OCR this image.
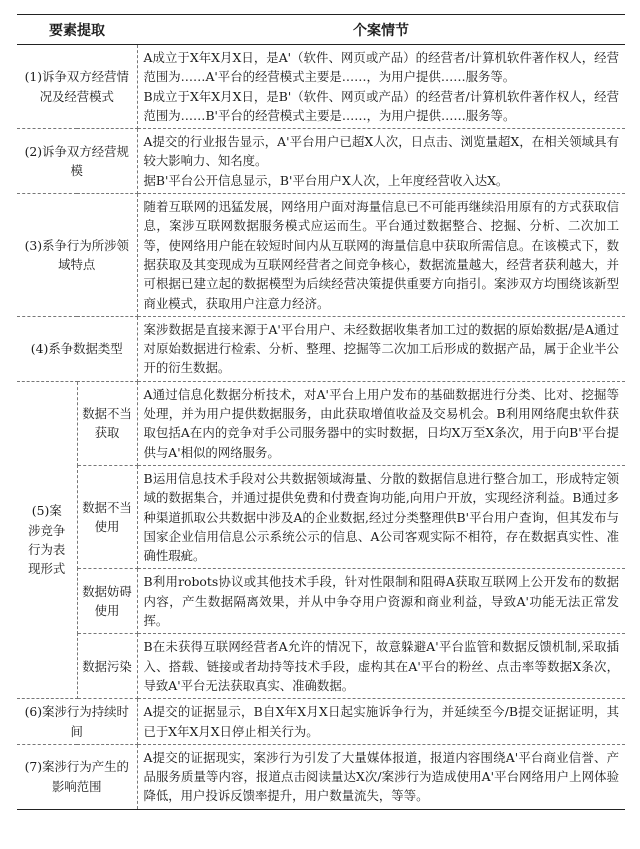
要素提取		个案情节
(1)诉争双方经营情况及经营模式		A成立于X年X月X日，是A'（软件、网页或产品）的经营者/计算机软件著作权人，经营范围为……A'平台的经营模式主要是……，为用户提供……服务等。

B成立于X年X月X日，是B'（软件、网页或产品）的经营者/计算机软件著作权人，经营范围为……B'平台的经营模式主要是……，为用户提供……服务等。

(2)诉争双方经营规模		A提交的行业报告显示，A'平台用户已超X人次，日点击、浏览量超X，在相关领域具有较大影响力、知名度。

据B'平台公开信息显示，B'平台用户X人次，上年度经营收入达X。

(3)系争行为所涉领域特点		随着互联网的迅猛发展，网络用户面对海量信息已不可能再继续沿用原有的方式获取信息，案涉互联网数据服务模式应运而生。平台通过数据整合、挖掘、分析、二次加工等，使网络用户能在较短时间内从互联网的海量信息中获取所需信息。在该模式下，数据获取及其变现成为互联网经营者之间竞争核心，数据流量越大，经营者获利越大，并可根据已建立起的数据模型为后续经营决策提供重要方向指引。案涉双方均围绕该新型商业模式，获取用户注意力经济。

(4)系争数据类型		案涉数据是直接来源于A'平台用户、未经数据收集者加工过的数据的原始数据/是A通过对原始数据进行检索、分析、整理、挖掘等二次加工后形成的数据产品，属于企业半公开的衍生数据。

(5)案涉竞争行为表现形式	数据不当获取	A通过信息化数据分析技术，对A'平台上用户发布的基础数据进行分类、比对、挖掘等处理，并为用户提供数据服务，由此获取增值收益及交易机会。B利用网络爬虫软件获取包括A在内的竞争对手公司服务器中的实时数据，日均X万至X条次，用于向B'平台提供与A'相似的网络服务。
	数据不当使用	B运用信息技术手段对公共数据领域海量、分散的数据信息进行整合加工，形成特定领域的数据集合，并通过提供免费和付费查询功能,向用户开放，实现经济利益。B通过多种渠道抓取公共数据中涉及A的企业数据,经过分类整理供B'平台用户查询，但其发布与国家企业信用信息公示系统公示的信息、A公司客观实际不相符，存在数据真实性、准确性瑕疵。
	数据妨碍使用	B利用robots协议或其他技术手段，针对性限制和阻碍A获取互联网上公开发布的数据内容，产生数据隔离效果，并从中争夺用户资源和商业利益，导致A'功能无法正常发挥。
	数据污染	B在未获得互联网经营者A允许的情况下，故意躲避A'平台监管和数据反馈机制,采取插入、搭载、链接或者劫持等技术手段，虚构其在A'平台的粉丝、点击率等数据X条次，导致A'平台无法获取真实、准确数据。
(6)案涉行为持续时间		A提交的证据显示，B自X年X月X日起实施诉争行为，并延续至今/B提交证据证明，其已于X年X月X日停止相关行为。
(7)案涉行为产生的影响范围		A提交的证据现实，案涉行为引发了大量媒体报道，报道内容围绕A'平台商业信誉、产品服务质量等内容，报道点击阅读量达X次/案涉行为造成使用A'平台网络用户上网体验降低，用户投诉反馈率提升，用户数量流失，等等。
